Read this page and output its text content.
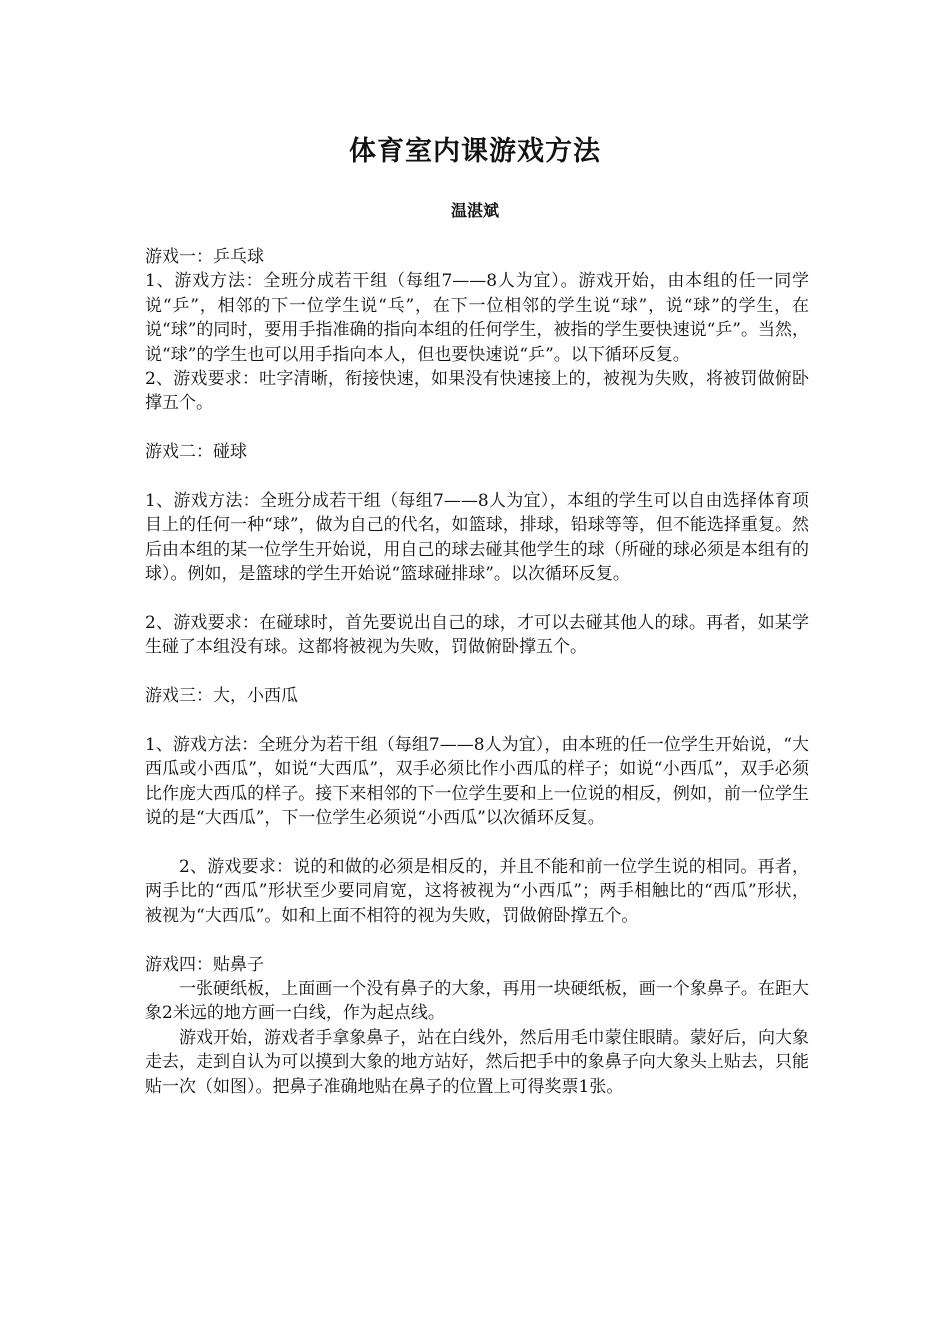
体育室内课游戏方法
温湛斌

游戏一：乒乓球

1、游戏方法：全班分成若干组（每组7——8人为宜）。游戏开始，由本组的任一同学说“乒”，相邻的下一位学生说“乓”，在下一位相邻的学生说“球”，说“球”的学生，在说“球”的同时，要用手指准确的指向本组的任何学生，被指的学生要快速说“乒”。当然，说“球”的学生也可以用手指向本人，但也要快速说“乒”。以下循环反复。

2、游戏要求：吐字清晰，衔接快速，如果没有快速接上的，被视为失败，将被罚做俯卧撑五个。

游戏二：碰球

1、游戏方法：全班分成若干组（每组7——8人为宜），本组的学生可以自由选择体育项目上的任何一种“球”，做为自己的代名，如篮球，排球，铅球等等，但不能选择重复。然后由本组的某一位学生开始说，用自己的球去碰其他学生的球（所碰的球必须是本组有的球）。例如，是篮球的学生开始说“篮球碰排球”。以次循环反复。

2、游戏要求：在碰球时，首先要说出自己的球，才可以去碰其他人的球。再者，如某学生碰了本组没有球。这都将被视为失败，罚做俯卧撑五个。

游戏三：大，小西瓜

1、游戏方法：全班分为若干组（每组7——8人为宜），由本班的任一位学生开始说，“大西瓜或小西瓜”，如说“大西瓜”，双手必须比作小西瓜的样子；如说“小西瓜”，双手必须比作庞大西瓜的样子。接下来相邻的下一位学生要和上一位说的相反，例如，前一位学生说的是“大西瓜”，下一位学生必须说“小西瓜”以次循环反复。

2、游戏要求：说的和做的必须是相反的，并且不能和前一位学生说的相同。再者，两手比的“西瓜”形状至少要同肩宽，这将被视为“小西瓜”；两手相触比的“西瓜”形状，被视为“大西瓜”。如和上面不相符的视为失败，罚做俯卧撑五个。

游戏四：贴鼻子

一张硬纸板，上面画一个没有鼻子的大象，再用一块硬纸板，画一个象鼻子。在距大象2米远的地方画一白线，作为起点线。

游戏开始，游戏者手拿象鼻子，站在白线外，然后用毛巾蒙住眼睛。蒙好后，向大象走去，走到自认为可以摸到大象的地方站好，然后把手中的象鼻子向大象头上贴去，只能贴一次（如图）。把鼻子准确地贴在鼻子的位置上可得奖票1张。
